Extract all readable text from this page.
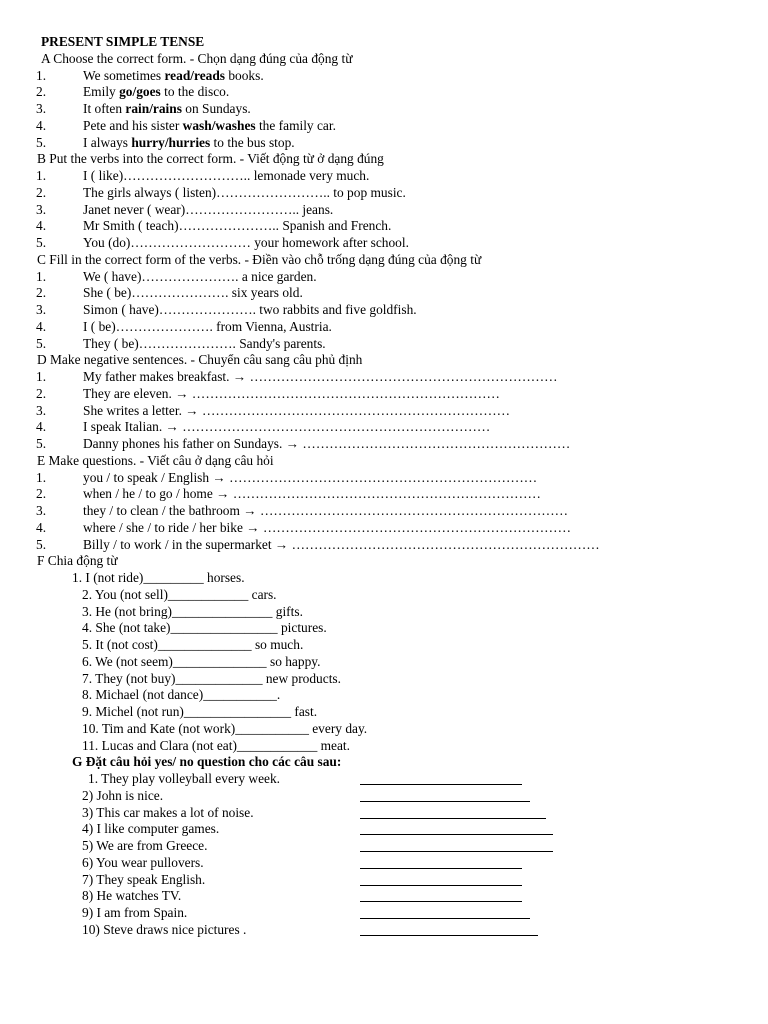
PRESENT SIMPLE TENSE
A Choose the correct form. - Chọn dạng đúng của động từ
1.	We sometimes read/reads books.
2.	Emily go/goes to the disco.
3.	It often rain/rains on Sundays.
4.	Pete and his sister wash/washes the family car.
5.	I always hurry/hurries to the bus stop.
B Put the verbs into the correct form. - Viết động từ ở dạng đúng
1.	I ( like)……………………….. lemonade very much.
2.	The girls always ( listen)…………………….. to pop music.
3.	Janet never ( wear)…………………….. jeans.
4.	Mr Smith ( teach)………………….. Spanish and French.
5.	You (do)……………………… your homework after school.
C Fill in the correct form of the verbs. - Điền vào chỗ trống dạng đúng của động từ
1.	We ( have)…………………. a nice garden.
2.	She ( be)…………………. six years old.
3.	Simon ( have)…………………. two rabbits and five goldfish.
4.	I ( be)…………………. from Vienna, Austria.
5.	They ( be)…………………. Sandy's parents.
D Make negative sentences. - Chuyển câu sang câu phủ định
1.	My father makes breakfast. → ……………………………………………………………
2.	They are eleven. → ……………………………………………………………
3.	She writes a letter. → ……………………………………………………………
4.	I speak Italian. → ……………………………………………………………
5.	Danny phones his father on Sundays. → ……………………………………………………
E Make questions. - Viết câu ở dạng câu hỏi
1.	you / to speak / English → ……………………………………………………………
2.	when / he / to go / home → ……………………………………………………………
3.	they / to clean / the bathroom → ……………………………………………………………
4.	where / she / to ride / her bike → ……………………………………………………………
5.	Billy / to work / in the supermarket → ……………………………………………………………
F Chia động từ
1. I (not ride)_________ horses.
2. You (not sell)____________ cars.
3. He (not bring)_______________ gifts.
4. She (not take)________________ pictures.
5. It (not cost)______________ so much.
6. We (not seem)______________ so happy.
7. They (not buy)_____________ new products.
8. Michael (not dance)___________.
9. Michel (not run)________________ fast.
10. Tim and Kate (not work)___________ every day.
11. Lucas and Clara (not eat)____________ meat.
G Đặt câu hỏi yes/ no question cho các câu sau:
1. They play volleyball every week.
2) John is nice.
3) This car makes a lot of noise.
4) I like computer games.
5) We are from Greece.
6) You wear pullovers.
7) They speak English.
8) He watches TV.
9) I am from Spain.
10) Steve draws nice pictures .
